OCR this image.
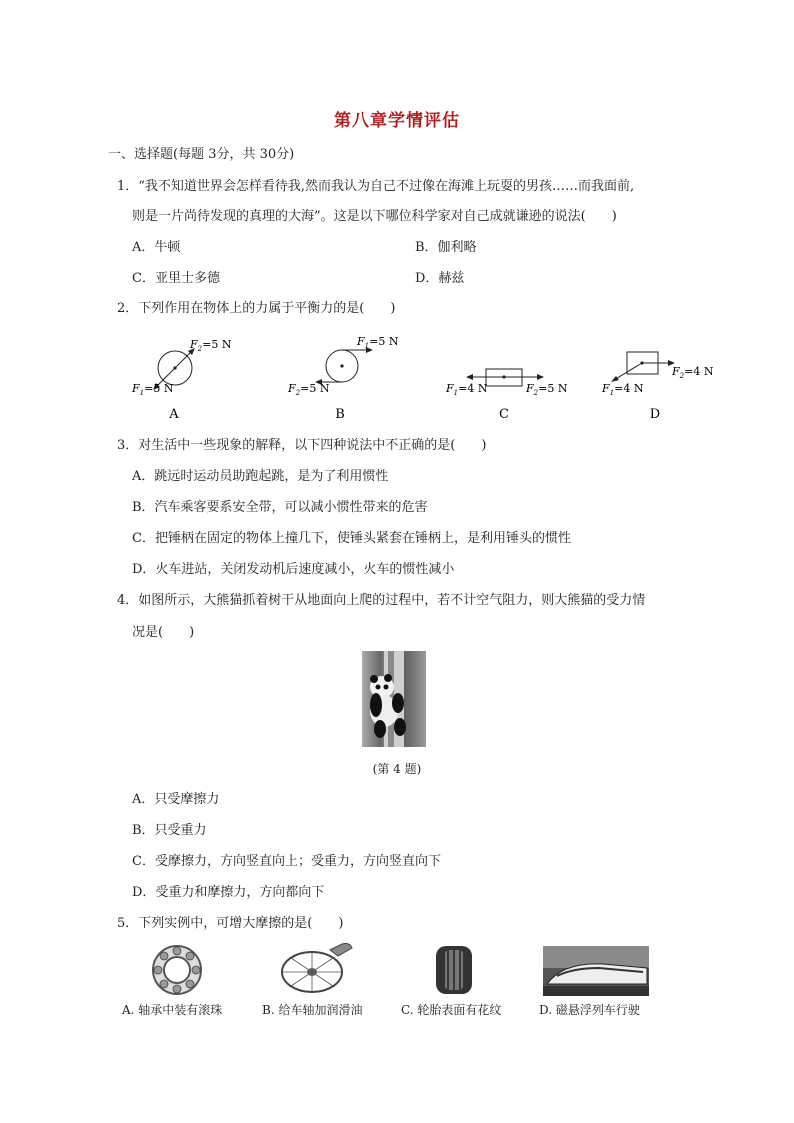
第八章学情评估
一、选择题(每题 3分，共 30分)
1．“我不知道世界会怎样看待我,然而我认为自己不过像在海滩上玩耍的男孩……而我面前,
则是一片尚待发现的真理的大海”。这是以下哪位科学家对自己成就谦逊的说法(　　)
A．牛顿	B．伽利略
C．亚里士多德	D．赫兹
2．下列作用在物体上的力属于平衡力的是(　　)
$F_2=5$ N
$F_1=5$ N
A
$F_1=5$ N
$F_2=5$ N
B
$F_1=4$ N	$F_2=5$ N
C
$F_1=4$ N
$F_2=4$ N
D
3．对生活中一些现象的解释，以下四种说法中不正确的是(　　)
A．跳远时运动员助跑起跳，是为了利用惯性
B．汽车乘客要系安全带，可以减小惯性带来的危害
C．把锤柄在固定的物体上撞几下，使锤头紧套在锤柄上，是利用锤头的惯性
D．火车进站，关闭发动机后速度减小，火车的惯性减小
4．如图所示，大熊猫抓着树干从地面向上爬的过程中，若不计空气阻力，则大熊猫的受力情
况是(　　)
(第 4 题)
A．只受摩擦力
B．只受重力
C．受摩擦力，方向竖直向上；受重力，方向竖直向下
D．受重力和摩擦力，方向都向下
5．下列实例中，可增大摩擦的是(　　)
A. 轴承中装有滚珠	B. 给车轴加润滑油	C. 轮胎表面有花纹	D. 磁悬浮列车行驶
